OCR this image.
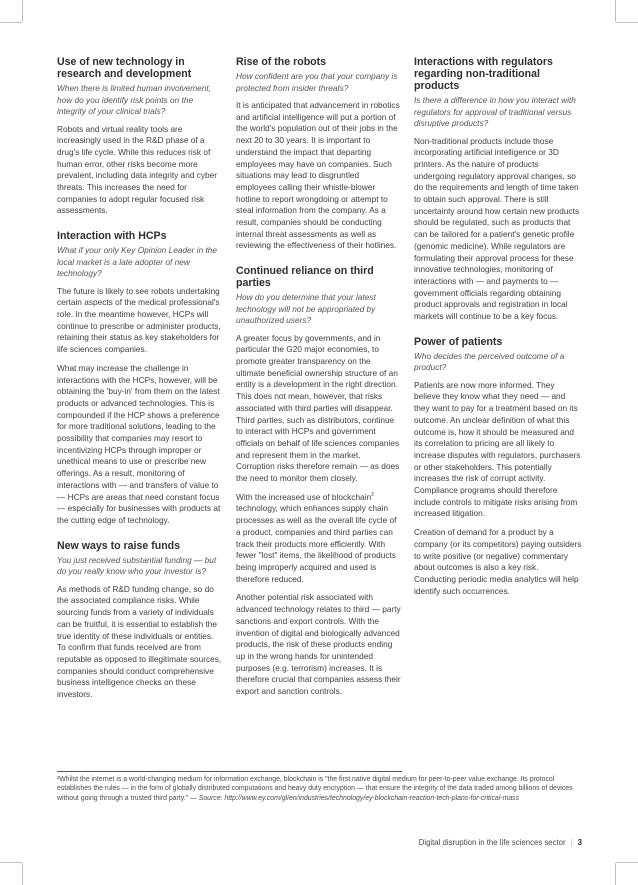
Use of new technology in research and development
When there is limited human involvement, how do you identify risk points on the integrity of your clinical trials?

Robots and virtual reality tools are increasingly used in the R&D phase of a drug's life cycle. While this reduces risk of human error, other risks become more prevalent, including data integrity and cyber threats. This increases the need for companies to adopt regular focused risk assessments.

Interaction with HCPs
What if your only Key Opinion Leader in the local market is a late adopter of new technology?

The future is likely to see robots undertaking certain aspects of the medical professional's role. In the meantime however, HCPs will continue to prescribe or administer products, retaining their status as key stakeholders for life sciences companies.

What may increase the challenge in interactions with the HCPs, however, will be obtaining the 'buy-in' from them on the latest products or advanced technologies. This is compounded if the HCP shows a preference for more traditional solutions, leading to the possibility that companies may resort to incentivizing HCPs through improper or unethical means to use or prescribe new offerings. As a result, monitoring of interactions with — and transfers of value to — HCPs are areas that need constant focus — especially for businesses with products at the cutting edge of technology.

New ways to raise funds
You just received substantial funding — but do you really know who your investor is?

As methods of R&D funding change, so do the associated compliance risks. While sourcing funds from a variety of individuals can be fruitful, it is essential to establish the true identity of these individuals or entities. To confirm that funds received are from reputable as opposed to illegitimate sources, companies should conduct comprehensive business intelligence checks on these investors.

Rise of the robots
How confident are you that your company is protected from insider threats?

It is anticipated that advancement in robotics and artificial intelligence will put a portion of the world's population out of their jobs in the next 20 to 30 years. It is important to understand the impact that departing employees may have on companies. Such situations may lead to disgruntled employees calling their whistle-blower hotline to report wrongdoing or attempt to steal information from the company. As a result, companies should be conducting internal threat assessments as well as reviewing the effectiveness of their hotlines.

Continued reliance on third parties
How do you determine that your latest technology will not be appropriated by unauthorized users?

A greater focus by governments, and in particular the G20 major economies, to promote greater transparency on the ultimate beneficial ownership structure of an entity is a development in the right direction. This does not mean, however, that risks associated with third parties will disappear. Third parties, such as distributors, continue to interact with HCPs and government officials on behalf of life sciences companies and represent them in the market. Corruption risks therefore remain — as does the need to monitor them closely.

With the increased use of blockchain$^2$ technology, which enhances supply chain processes as well as the overall life cycle of a product, companies and third parties can track their products more efficiently. With fewer "lost" items, the likelihood of products being improperly acquired and used is therefore reduced.

Another potential risk associated with advanced technology relates to third — party sanctions and export controls. With the invention of digital and biologically advanced products, the risk of these products ending up in the wrong hands for unintended purposes (e.g. terrorism) increases. It is therefore crucial that companies assess their export and sanction controls.

Interactions with regulators regarding non-traditional products
Is there a difference in how you interact with regulators for approval of traditional versus disruptive products?

Non-traditional products include those incorporating artificial intelligence or 3D printers. As the nature of products undergoing regulatory approval changes, so do the requirements and length of time taken to obtain such approval. There is still uncertainty around how certain new products should be regulated, such as products that can be tailored for a patient's genetic profile (genomic medicine). While regulators are formulating their approval process for these innovative technologies, monitoring of interactions with — and payments to — government officials regarding obtaining product approvals and registration in local markets will continue to be a key focus.

Power of patients
Who decides the perceived outcome of a product?

Patients are now more informed. They believe they know what they need — and they want to pay for a treatment based on its outcome. An unclear definition of what this outcome is, how it should be measured and its correlation to pricing are all likely to increase disputes with regulators, purchasers or other stakeholders. This potentially increases the risk of corrupt activity. Compliance programs should therefore include controls to mitigate risks arising from increased litigation.

Creation of demand for a product by a company (or its competitors) paying outsiders to write positive (or negative) commentary about outcomes is also a key risk. Conducting periodic media analytics will help identify such occurrences.

²Whilst the internet is a world-changing medium for information exchange, blockchain is "the first native digital medium for peer-to-peer value exchange. Its protocol establishes the rules — in the form of globally distributed computations and heavy duty encryption — that ensure the integrity of the data traded among billions of devices without going through a trusted third party." — Source: http://www.ey.com/gl/en/industries/technology/ey-blockchain-reaction-tech-plans-for-critical-mass

Digital disruption in the life sciences sector | 3
